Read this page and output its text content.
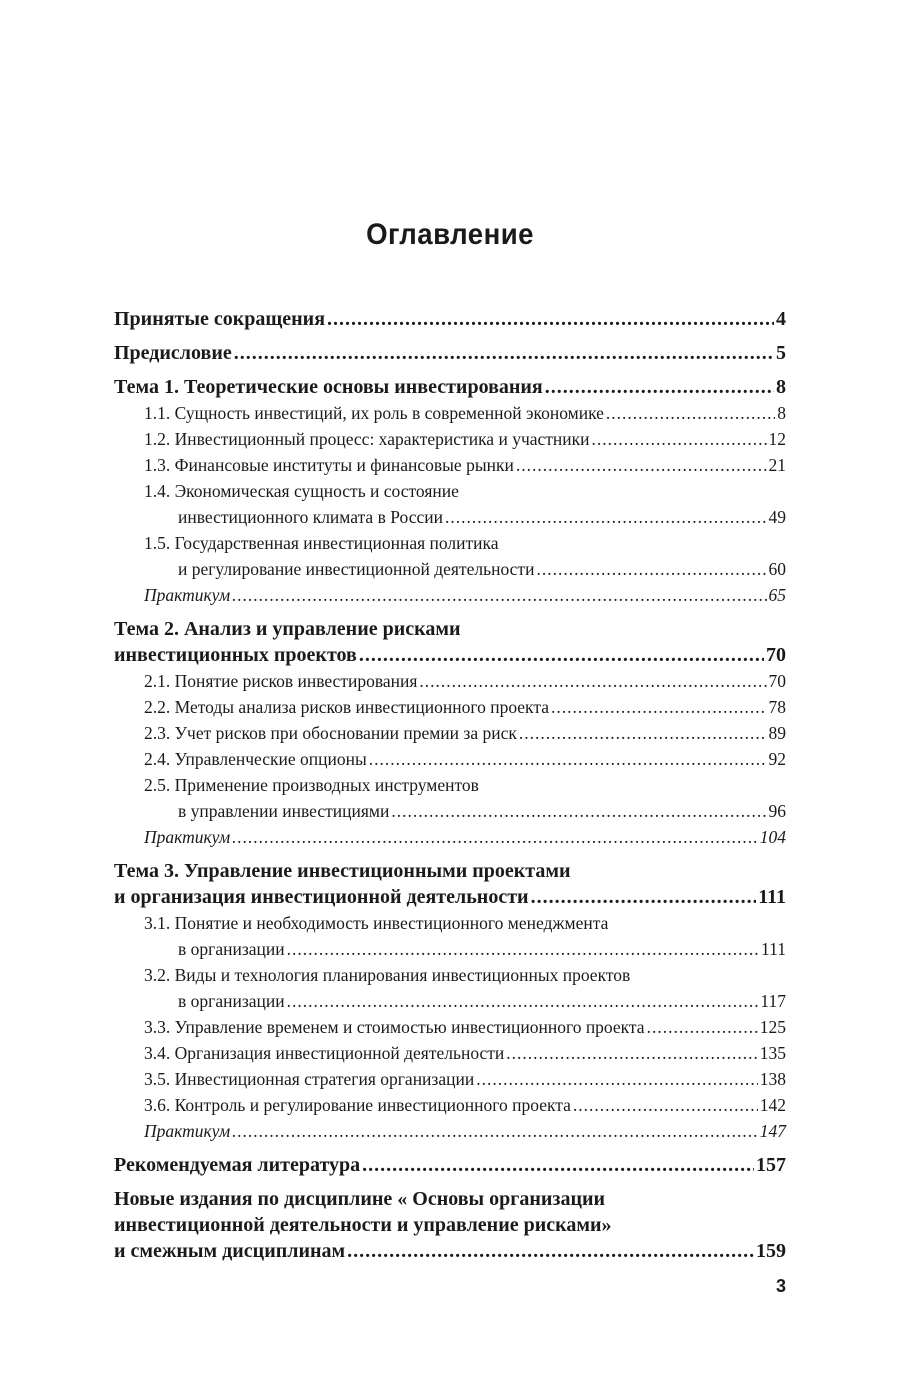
Оглавление
Принятые сокращения .....	4
Предисловие .....	5
Тема 1. Теоретические основы инвестирования .....	8
1.1. Сущность инвестиций, их роль в современной экономике .....	8
1.2. Инвестиционный процесс: характеристика и участники .....	12
1.3. Финансовые институты и финансовые рынки .....	21
1.4. Экономическая сущность и состояние
инвестиционного климата в России .....	49
1.5. Государственная инвестиционная политика
и регулирование инвестиционной деятельности .....	60
Практикум .....	65
Тема 2. Анализ и управление рисками
инвестиционных проектов .....	70
2.1. Понятие рисков инвестирования .....	70
2.2. Методы анализа рисков инвестиционного проекта .....	78
2.3. Учет рисков при обосновании премии за риск .....	89
2.4. Управленческие опционы .....	92
2.5. Применение производных инструментов
в управлении инвестициями .....	96
Практикум .....	104
Тема 3. Управление инвестиционными проектами
и организация инвестиционной деятельности .....	111
3.1. Понятие и необходимость инвестиционного менеджмента
в организации .....	111
3.2. Виды и технология планирования инвестиционных проектов
в организации .....	117
3.3. Управление временем и стоимостью инвестиционного проекта .....	125
3.4. Организация инвестиционной деятельности .....	135
3.5. Инвестиционная стратегия организации .....	138
3.6. Контроль и регулирование инвестиционного проекта .....	142
Практикум .....	147
Рекомендуемая литература .....	157
Новые издания по дисциплине « Основы организации
инвестиционной деятельности и управление рисками»
и смежным дисциплинам .....	159
3
